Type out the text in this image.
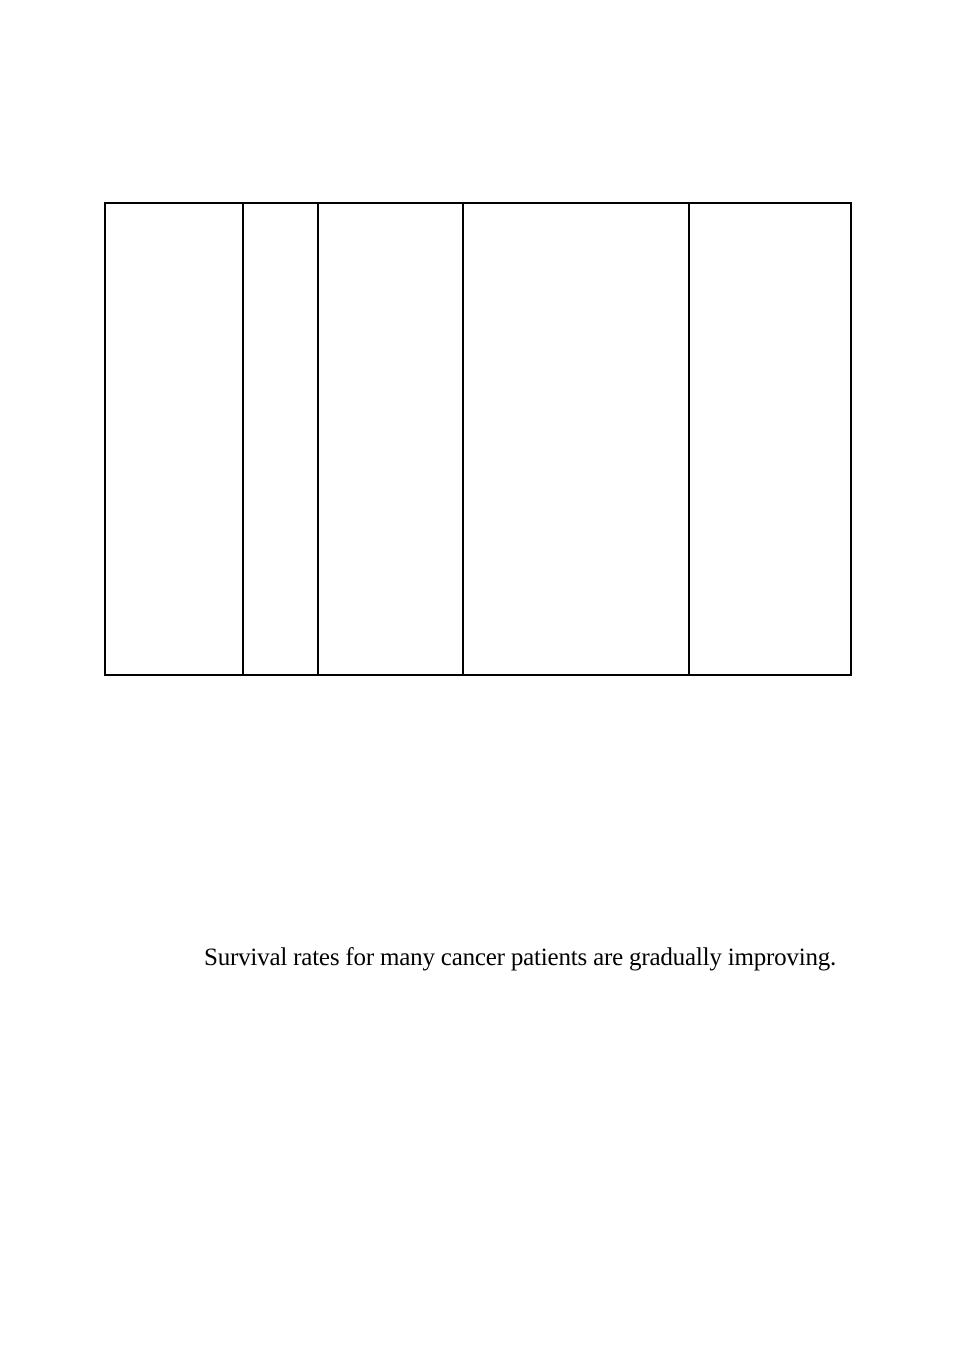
Survival rates for many cancer patients are gradually improving.
